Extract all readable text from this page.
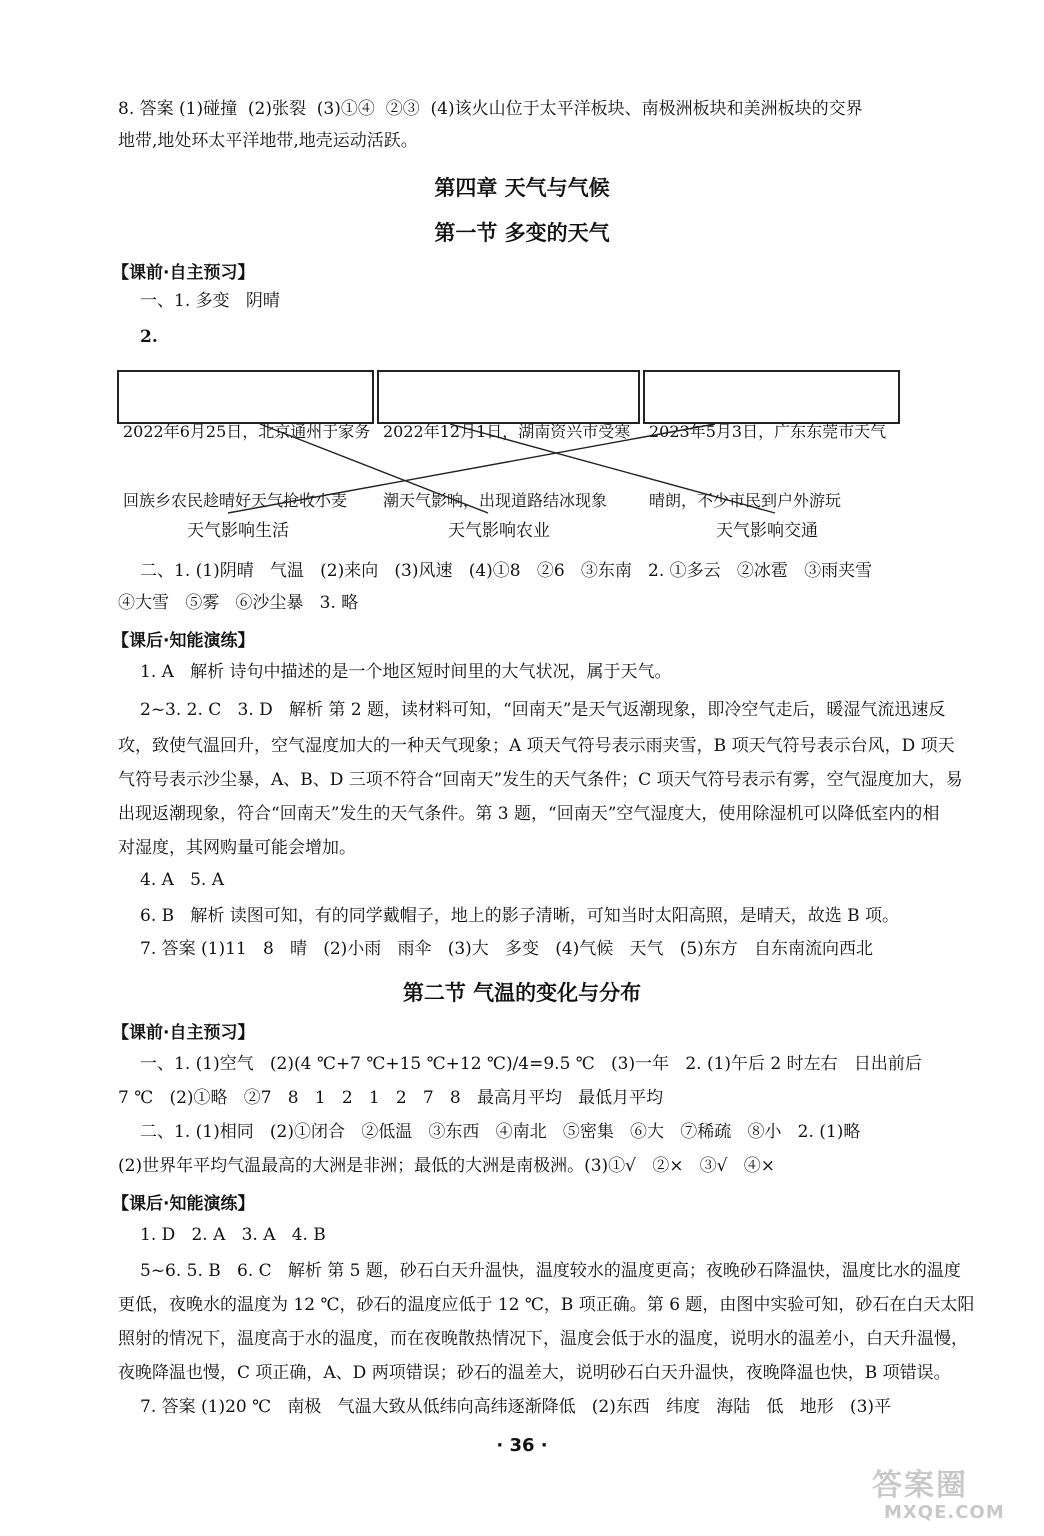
8. 答案 (1)碰撞  (2)张裂  (3)①④  ②③  (4)该火山位于太平洋板块、南极洲板块和美洲板块的交界
地带,地处环太平洋地带,地壳运动活跃。
第四章 天气与气候
第一节 多变的天气
【课前·自主预习】
一、1. 多变   阴晴
2.

2022年6月25日，北京通州于家务

回族乡农民趁晴好天气抢收小麦

2022年12月1日，湖南资兴市受寒

潮天气影响，出现道路结冰现象

2023年5月3日，广东东莞市天气

晴朗，不少市民到户外游玩

天气影响生活	天气影响农业	天气影响交通
二、1. (1)阴晴   气温   (2)来向   (3)风速   (4)①8   ②6   ③东南   2. ①多云   ②冰雹   ③雨夹雪
④大雪   ⑤雾   ⑥沙尘暴   3. 略
【课后·知能演练】
1. A   解析 诗句中描述的是一个地区短时间里的大气状况，属于天气。
2~3. 2. C   3. D   解析 第 2 题，读材料可知，“回南天”是天气返潮现象，即冷空气走后，暖湿气流迅速反
攻，致使气温回升，空气湿度加大的一种天气现象；A 项天气符号表示雨夹雪，B 项天气符号表示台风，D 项天
气符号表示沙尘暴，A、B、D 三项不符合“回南天”发生的天气条件；C 项天气符号表示有雾，空气湿度加大，易
出现返潮现象，符合“回南天”发生的天气条件。第 3 题，“回南天”空气湿度大，使用除湿机可以降低室内的相
对湿度，其网购量可能会增加。
4. A   5. A
6. B   解析 读图可知，有的同学戴帽子，地上的影子清晰，可知当时太阳高照，是晴天，故选 B 项。
7. 答案 (1)11   8   晴   (2)小雨   雨伞   (3)大   多变   (4)气候   天气   (5)东方   自东南流向西北
第二节 气温的变化与分布
【课前·自主预习】
一、1. (1)空气   (2)(4 ℃+7 ℃+15 ℃+12 ℃)/4=9.5 ℃   (3)一年   2. (1)午后 2 时左右   日出前后
7 ℃   (2)①略   ②7   8   1   2   1   2   7   8   最高月平均   最低月平均
二、1. (1)相同   (2)①闭合   ②低温   ③东西   ④南北   ⑤密集   ⑥大   ⑦稀疏   ⑧小   2. (1)略
(2)世界年平均气温最高的大洲是非洲；最低的大洲是南极洲。(3)①√   ②×   ③√   ④×
【课后·知能演练】
1. D   2. A   3. A   4. B
5~6. 5. B   6. C   解析 第 5 题，砂石白天升温快，温度较水的温度更高；夜晚砂石降温快，温度比水的温度
更低，夜晚水的温度为 12 ℃，砂石的温度应低于 12 ℃，B 项正确。第 6 题，由图中实验可知，砂石在白天太阳
照射的情况下，温度高于水的温度，而在夜晚散热情况下，温度会低于水的温度，说明水的温差小，白天升温慢，
夜晚降温也慢，C 项正确，A、D 两项错误；砂石的温差大，说明砂石白天升温快，夜晚降温也快，B 项错误。
7. 答案 (1)20 ℃   南极   气温大致从低纬向高纬逐渐降低   (2)东西   纬度   海陆   低   地形   (3)平
· 36 ·
答案圈
MXQE.COM
